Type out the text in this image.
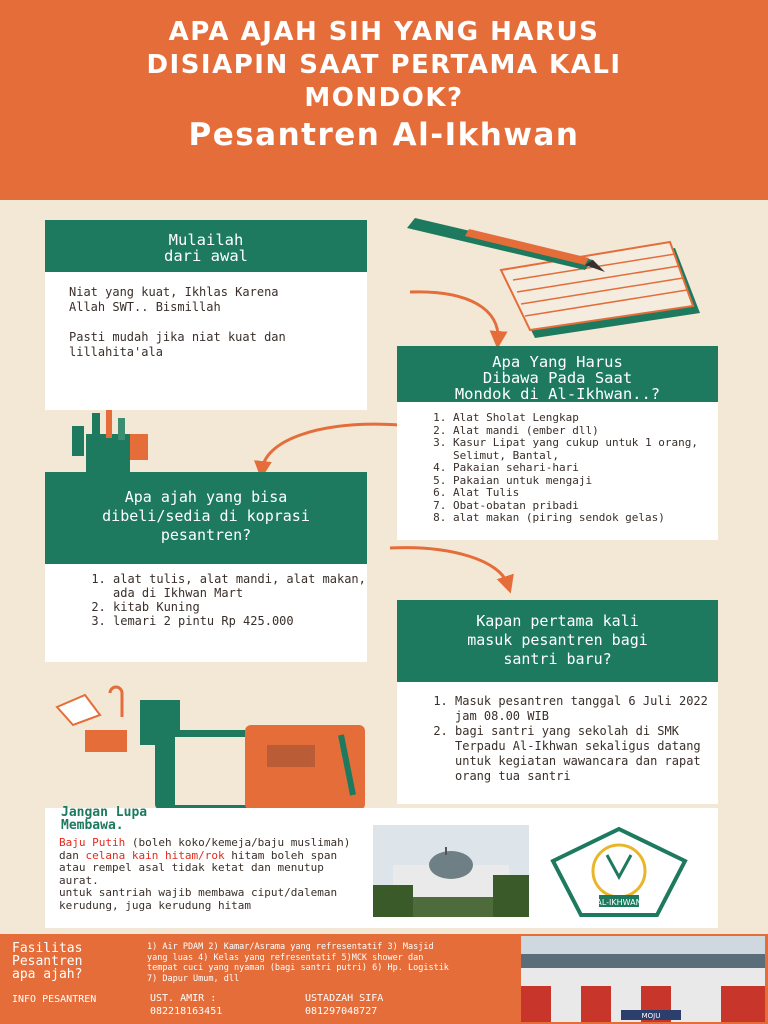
APA AJAH SIH YANG HARUS
DISIAPIN SAAT PERTAMA KALI
MONDOK?
Pesantren Al-Ikhwan
Mulailah
dari awal
Niat yang kuat, Ikhlas Karena
Allah SWT.. Bismillah
Pasti mudah jika niat kuat dan
lillahita'ala
Apa Yang Harus
Dibawa Pada Saat
Mondok di Al-Ikhwan..?
1. Alat Sholat Lengkap
2. Alat mandi (ember dll)
3. Kasur Lipat yang cukup untuk 1 orang, Selimut, Bantal,
4. Pakaian sehari-hari
5. Pakaian untuk mengaji
6. Alat Tulis
7. Obat-obatan pribadi
8. alat makan (piring sendok gelas)
Apa ajah yang bisa
dibeli/sedia di koprasi
pesantren?
1. alat tulis, alat mandi, alat makan, ada di Ikhwan Mart
2. kitab Kuning
3. lemari 2 pintu Rp 425.000	Kapan pertama kali
masuk pesantren bagi
santri baru?
1. Masuk pesantren tanggal 6 Juli 2022 jam 08.00 WIB
2. bagi santri yang sekolah di SMK Terpadu Al-Ikhwan sekaligus datang untuk kegiatan wawancara dan rapat orang tua santri
Jangan Lupa
Membawa.
Baju Putih (boleh koko/kemeja/baju muslimah) dan celana kain hitam/rok hitam boleh span atau rempel asal tidak ketat dan menutup aurat.
untuk santriah wajib membawa ciput/daleman kerudung, juga kerudung hitam	AL-IKHWAN
Fasilitas
Pesantren
apa ajah?
1) Air PDAM 2) Kamar/Asrama yang refresentatif 3) Masjid yang luas 4) Kelas yang refresentatif 5)MCK shower dan tempat cuci yang nyaman (bagi santri putri) 6) Hp. Logistik 7) Dapur Umum, dll
INFO PESANTREN	UST. AMIR :
082218163451
USTADZAH SIFA
081297048727	MOJU
